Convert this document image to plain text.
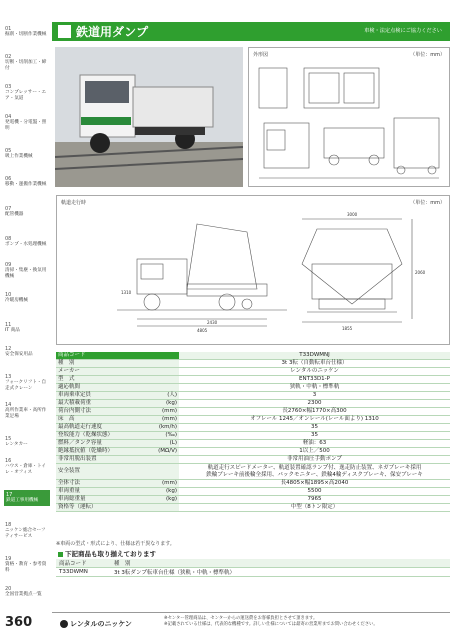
01
掘削・切断作業機械
02
切断・切削加工・締付
03
コンプレッサー・エア・気道
04
発電機・分電盤・照明
05
吸上作業機械
06
移動・運搬作業機械
07
配管機器
08
ポンプ・水処理機械
09
清掃・集塵・換気用機械
10
冷暖房機械
11
IT 商品
12
安全保安用品
13
フォークリフト・自走式クレーン
14
高所作業車・高所作業足場
15
レンタカー
16
ハウス・倉庫・トイレ・オフィス
17
鉄道工事用機械
18
ニッケン総合セーフティサービス
19
資格・教育・参考資料
20
全国営業拠点一覧
360
鉄道用ダンプ	車検・法定点検にご協力ください
外形図	（単位：mm）
軌道走行時	（単位：mm）
3000
1855
2060
4805
2430
1310
商品コード		T33DWMNJ
種　別		3t 3転（自動転車台仕様）
メーカー		レンタルのニッケン
型　式		ENT33D1-P
適応軌間		狭軌・中軌・標準軌
車両乗車定員	(人)	3
最大積載荷重	(kg)	2300
荷台内側寸法	(mm)	長2760×幅1770×高300
床　高	(mm)	オフレール 1245／オンレール(レール面より) 1310
最高軌道走行速度	(km/h)	35
登坂能力（乾燥状態）	(‰)	35
燃料／タンク容量	(L)	軽油：63
絶縁抵抗値（乾燥時）	(MΩ/V)	1以上／500
非常用脱出装置		非常用油圧手動ポンプ
安全装置		軌道走行スピードメーター、軌道装置確認ランプ付、逸走防止装置、ネガブレーキ採用
鉄輪ブレーキ前後輪全採用、バックモニター、鉄輪4輪ディスクブレーキ、保安ブレーキ

全体寸法	(mm)	長4805×幅1895×高2040
車両重量	(kg)	5500
車両総重量	(kg)	7965
資格等（運転）		中型（8トン限定）
※車両の型式・形式により、仕様は若干異なります。
下記商品も取り揃えております
商品コード	種　別
T33DWMN	3t 3転ダンプ転車台仕様（狭軌・中軌・標準軌）
レンタルのニッケン
※センター管理商品は、センターからの運送費をお客様負担とさせて頂きます。
※記載されている仕様は、代表的な機種です。詳しい仕様については最寄の営業所までお問い合わせください。
